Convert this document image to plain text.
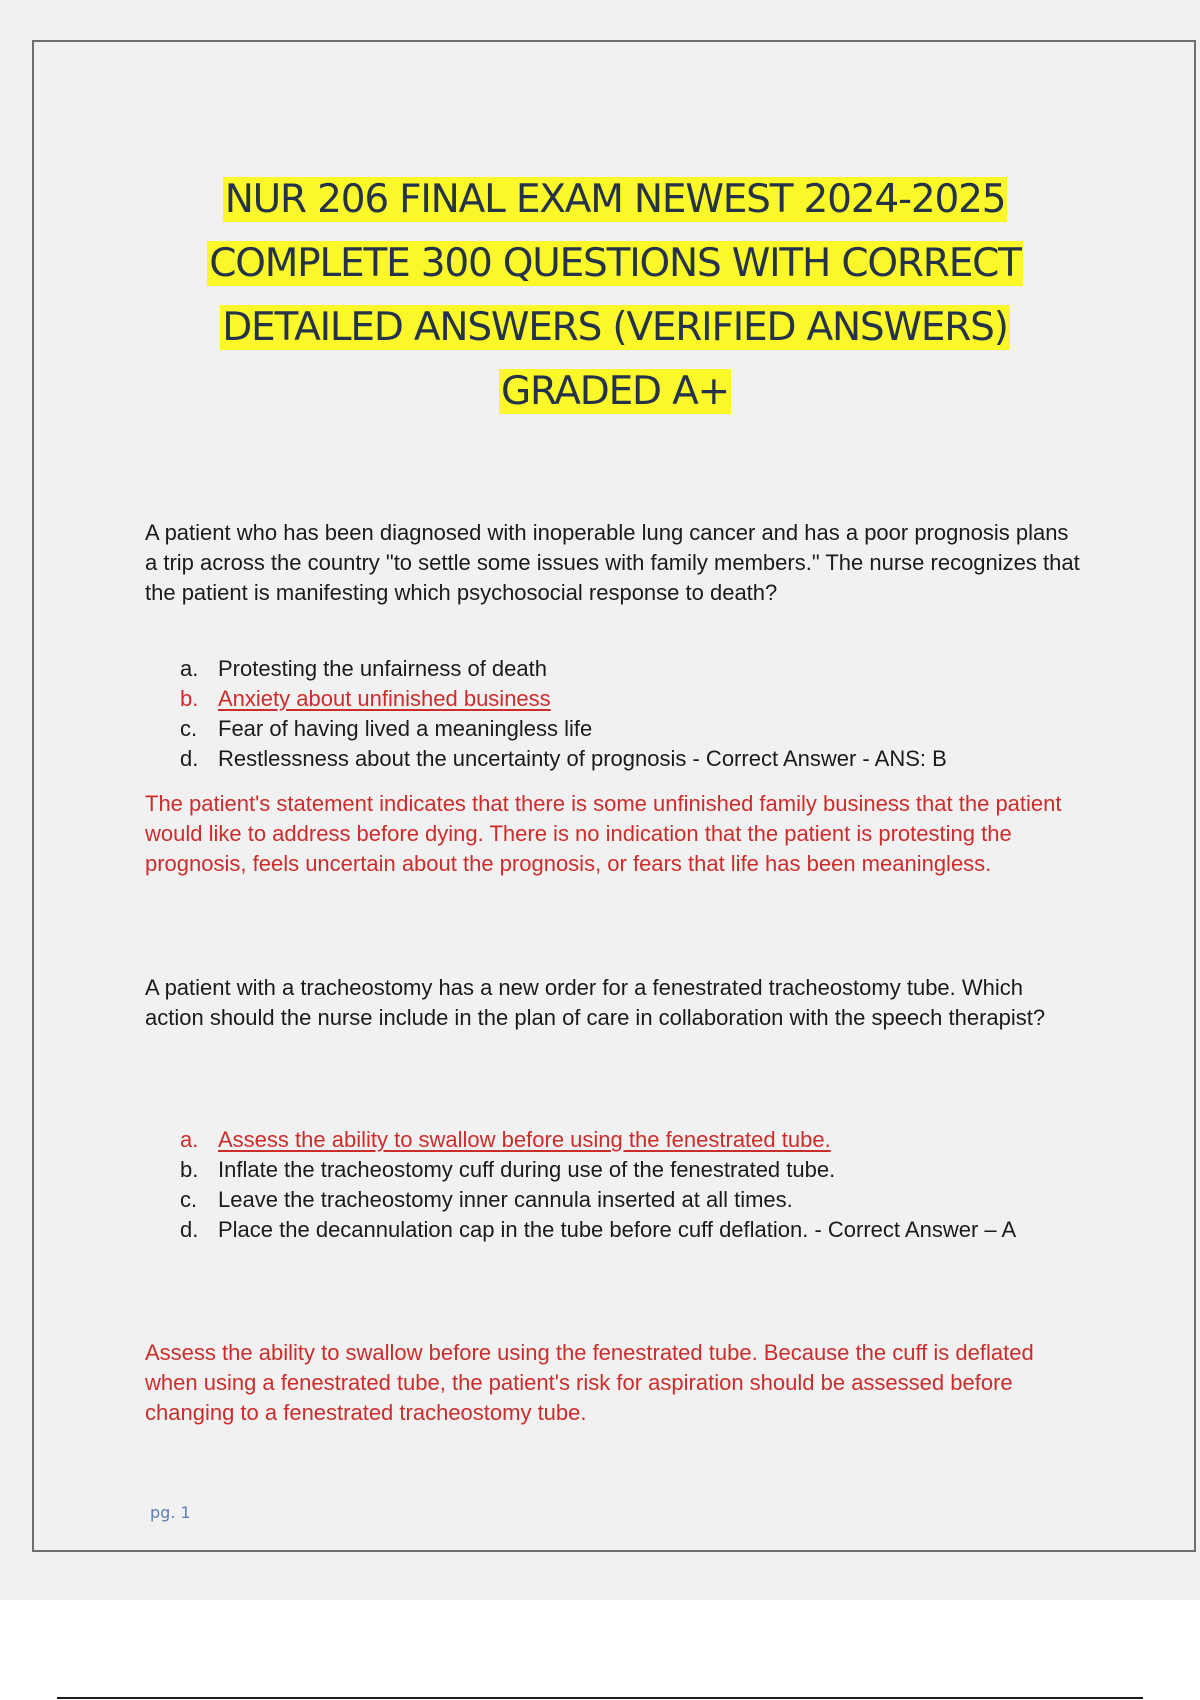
NUR 206 FINAL EXAM NEWEST 2024-2025
COMPLETE 300 QUESTIONS WITH CORRECT
DETAILED ANSWERS (VERIFIED ANSWERS)
GRADED A+
A patient who has been diagnosed with inoperable lung cancer and has a poor prognosis plans a trip across the country "to settle some issues with family members." The nurse recognizes that the patient is manifesting which psychosocial response to death?
a. Protesting the unfairness of death
b. Anxiety about unfinished business
c. Fear of having lived a meaningless life
d. Restlessness about the uncertainty of prognosis - Correct Answer - ANS: B
The patient's statement indicates that there is some unfinished family business that the patient would like to address before dying. There is no indication that the patient is protesting the prognosis, feels uncertain about the prognosis, or fears that life has been meaningless.
A patient with a tracheostomy has a new order for a fenestrated tracheostomy tube. Which action should the nurse include in the plan of care in collaboration with the speech therapist?
a. Assess the ability to swallow before using the fenestrated tube.
b. Inflate the tracheostomy cuff during use of the fenestrated tube.
c. Leave the tracheostomy inner cannula inserted at all times.
d. Place the decannulation cap in the tube before cuff deflation. - Correct Answer – A
Assess the ability to swallow before using the fenestrated tube. Because the cuff is deflated when using a fenestrated tube, the patient's risk for aspiration should be assessed before changing to a fenestrated tracheostomy tube.
pg. 1
